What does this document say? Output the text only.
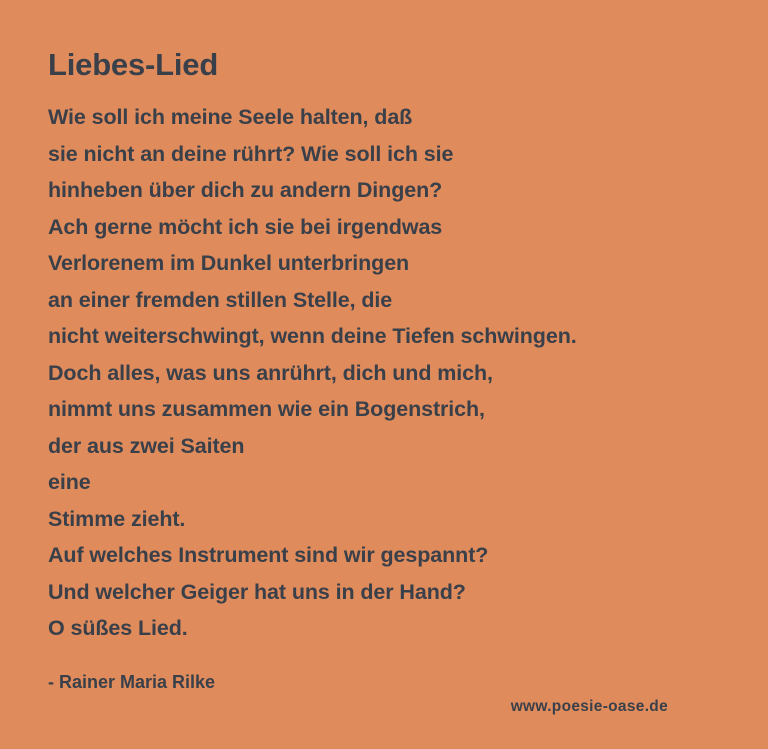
Liebes-Lied
Wie soll ich meine Seele halten, daß
sie nicht an deine rührt? Wie soll ich sie
hinheben über dich zu andern Dingen?
Ach gerne möcht ich sie bei irgendwas
Verlorenem im Dunkel unterbringen
an einer fremden stillen Stelle, die
nicht weiterschwingt, wenn deine Tiefen schwingen.
Doch alles, was uns anrührt, dich und mich,
nimmt uns zusammen wie ein Bogenstrich,
der aus zwei Saiten
eine
Stimme zieht.
Auf welches Instrument sind wir gespannt?
Und welcher Geiger hat uns in der Hand?
O süßes Lied.
- Rainer Maria Rilke
www.poesie-oase.de
